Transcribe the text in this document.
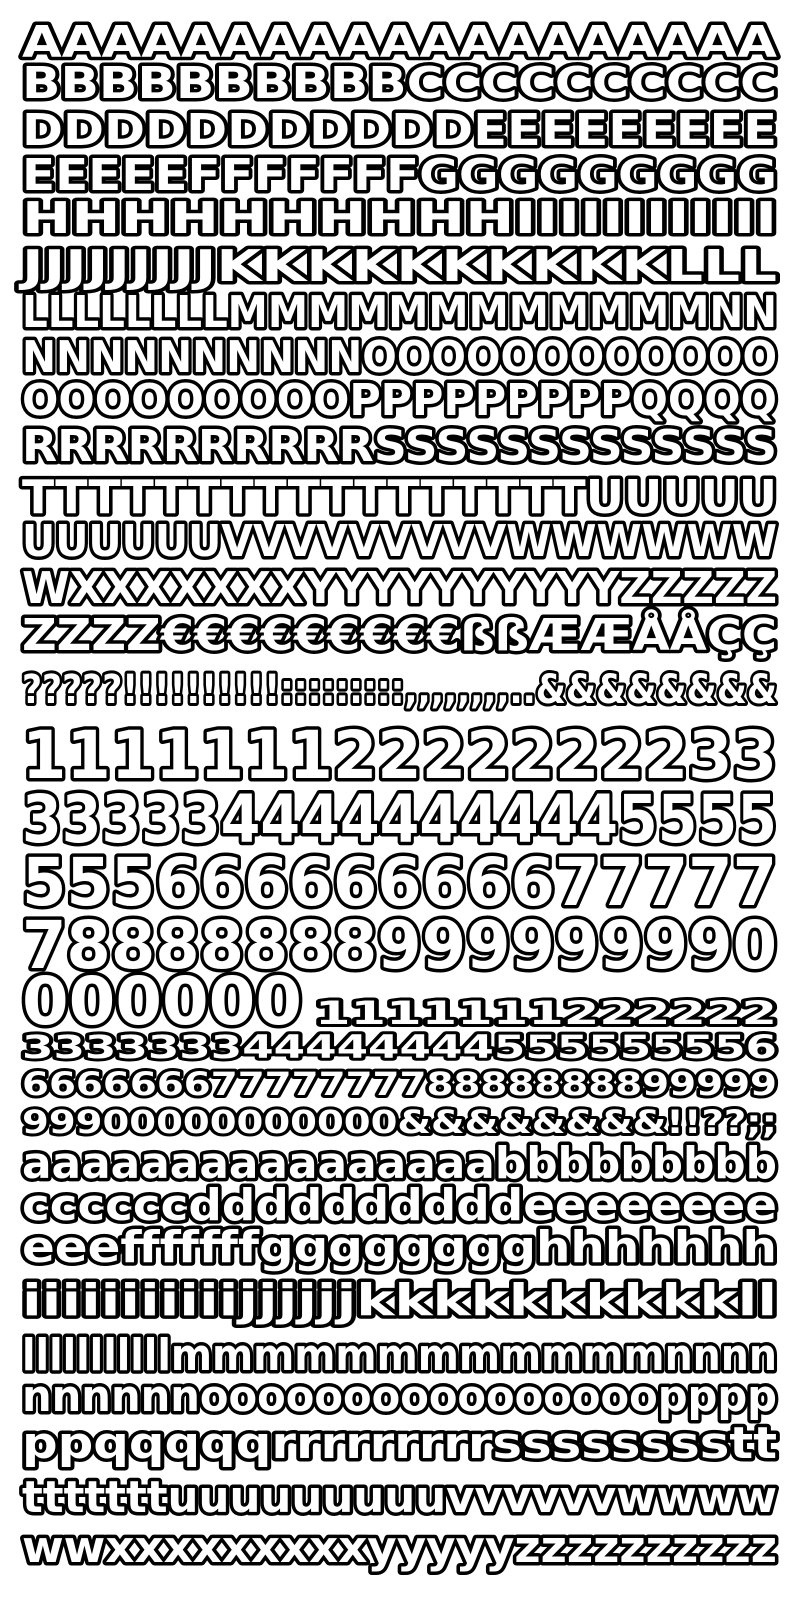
AAAAAAAAAAAAAAAAAAA
BBBBBBBBBBCCCCCCCCCC
DDDDDDDDDDDEEEEEEEEE
EEEEEFFFFFFFGGGGGGGGG
HHHHHHHHHHIIIIIIIIIIII
JJJJJJJJJKKKKKKKKKKLLL
LLLLLLLLMMMMMMMMMMMMNN
NNNNNNNNNNOOOOOOOOOOOO
OOOOOOOOOPPPPPPPPPQQQQ
RRRRRRRRRRSSSSSSSSSSSSS
TTTTTTTTTTTTTTTTTUUUUU
UUUUUUVVVVVVVVVWWWWWW
WXXXXXXXYYYYYYYYYYZZZZZ
ZZZZ€€€€€€€€€ßßÆÆÅÅÇÇ
?????!!!!!!!!!!:::::::::,,,,,,,,..&&&&&&&&
11111112222222233
3333344444444445555
55566666666677777
78888888999999990
000000 1111111222222
333333344444444555555556
6666666777777778888888899999
99900000000000&&&&&&&&!!??;;
aaaaaaaaaaaaaaaabbbbbbbbb
ccccccddddddddddeeeeeeee
eeefffffffgggggggghhhhhhh
iiiiiiiiiiijjjjjjkkkkkkkkkkll
lllllllllllmmmmmmmmmmmmnnnn
nnnnnnoooooooooooooooopppp
ppqqqqqrrrrrrrrrsssssssstt
tttttttuuuuuuuuuvvvvvvwwww
wwxxxxxxxxxyyyyyzzzzzzzzzz
